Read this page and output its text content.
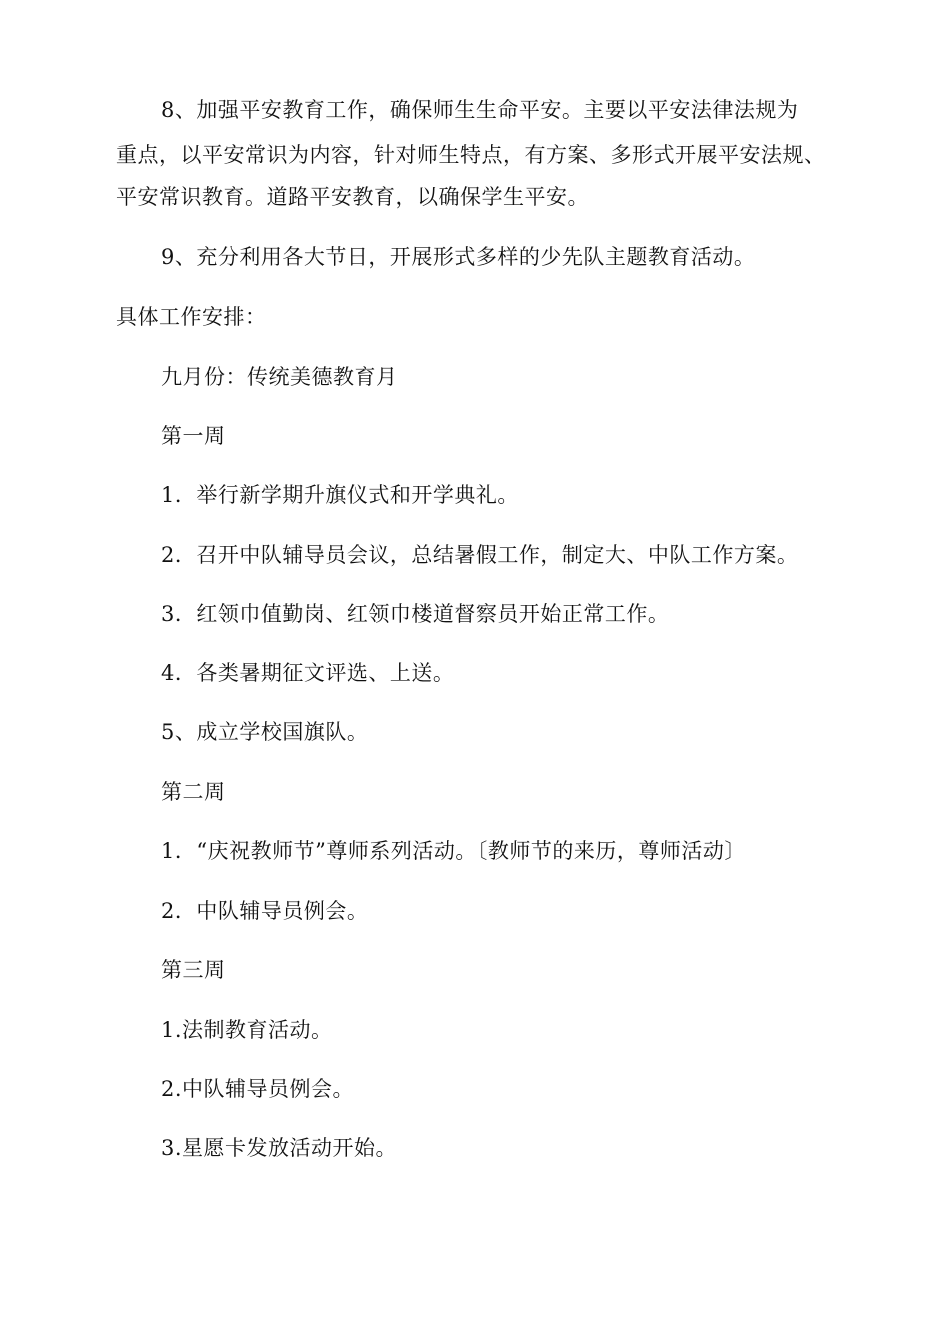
8、加强平安教育工作，确保师生生命平安。主要以平安法律法规为
重点，以平安常识为内容，针对师生特点，有方案、多形式开展平安法规、
平安常识教育。道路平安教育，以确保学生平安。
9、充分利用各大节日，开展形式多样的少先队主题教育活动。
具体工作安排：
九月份：传统美德教育月
第一周
1．举行新学期升旗仪式和开学典礼。
2．召开中队辅导员会议，总结暑假工作，制定大、中队工作方案。
3．红领巾值勤岗、红领巾楼道督察员开始正常工作。
4．各类暑期征文评选、上送。
5、成立学校国旗队。
第二周
1．“庆祝教师节”尊师系列活动。〔教师节的来历，尊师活动〕
2．中队辅导员例会。
第三周
1.法制教育活动。
2.中队辅导员例会。
3.星愿卡发放活动开始。
